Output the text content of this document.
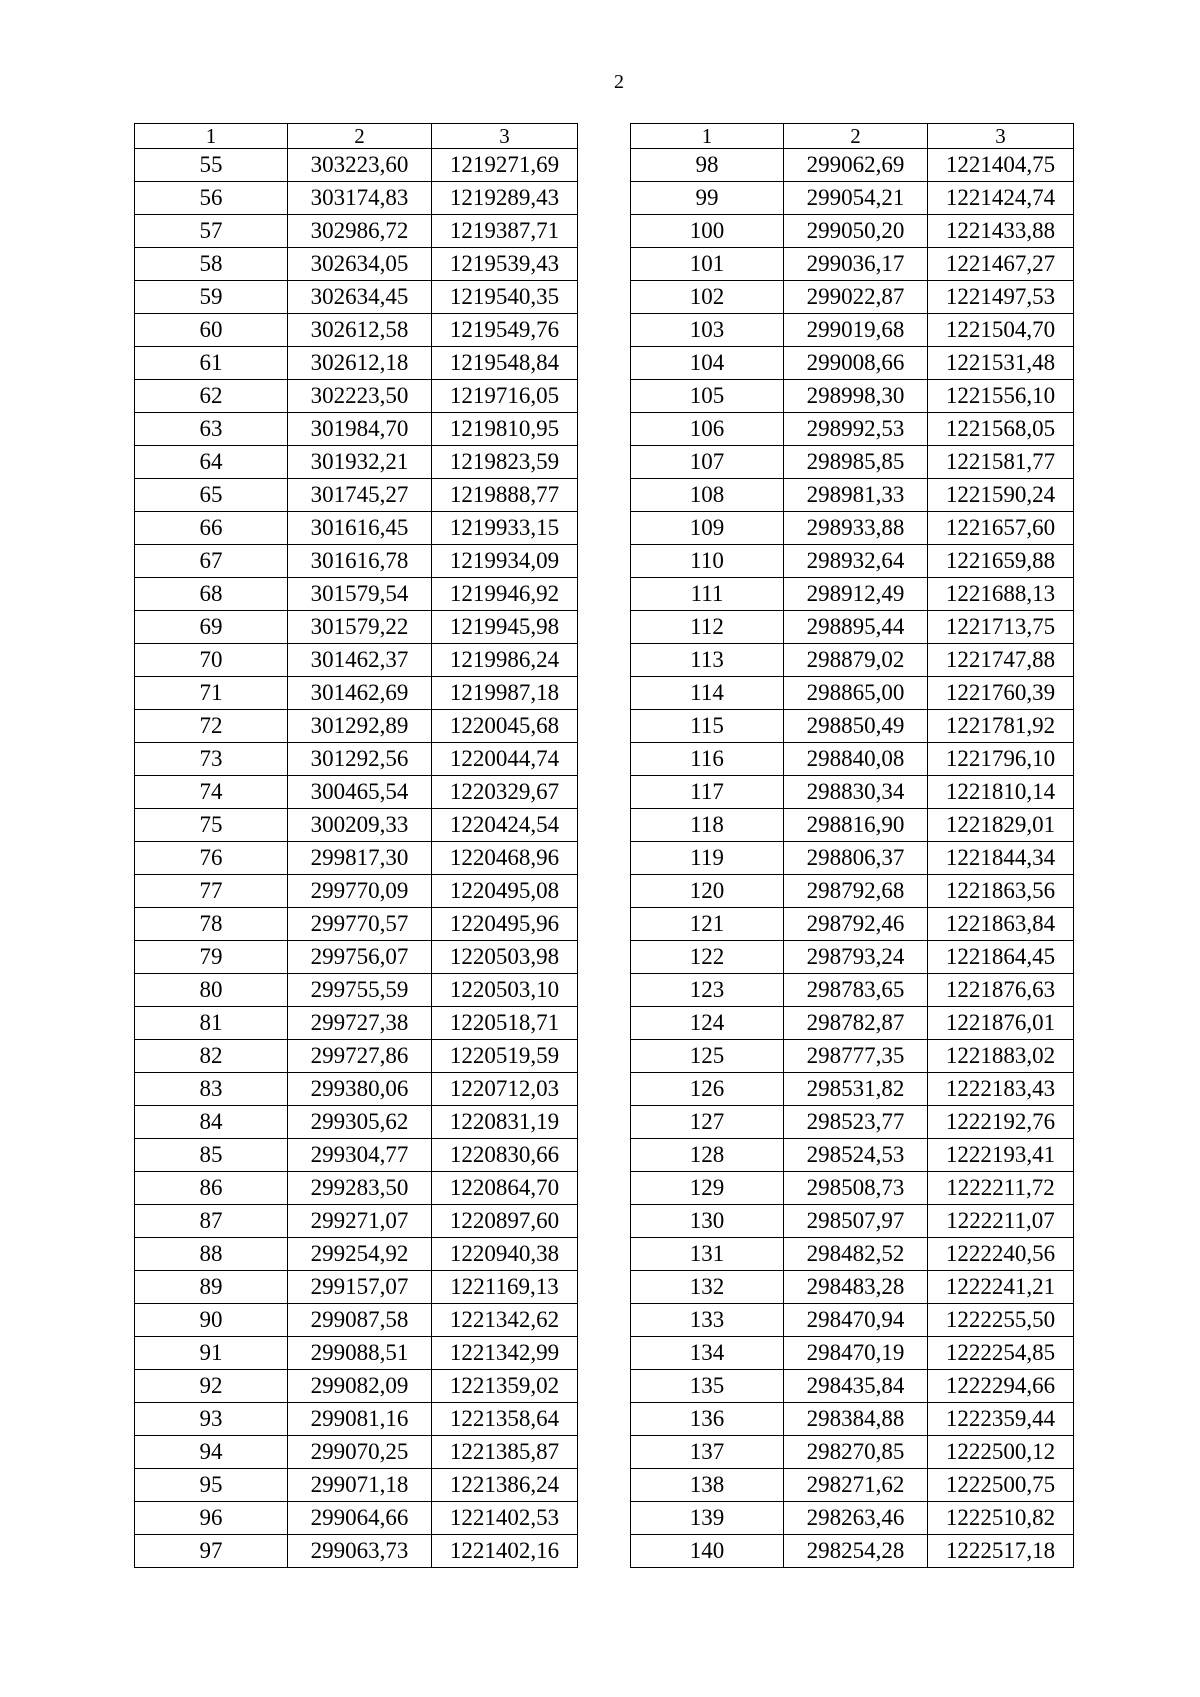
2
1	2	3
55	303223,60	1219271,69
56	303174,83	1219289,43
57	302986,72	1219387,71
58	302634,05	1219539,43
59	302634,45	1219540,35
60	302612,58	1219549,76
61	302612,18	1219548,84
62	302223,50	1219716,05
63	301984,70	1219810,95
64	301932,21	1219823,59
65	301745,27	1219888,77
66	301616,45	1219933,15
67	301616,78	1219934,09
68	301579,54	1219946,92
69	301579,22	1219945,98
70	301462,37	1219986,24
71	301462,69	1219987,18
72	301292,89	1220045,68
73	301292,56	1220044,74
74	300465,54	1220329,67
75	300209,33	1220424,54
76	299817,30	1220468,96
77	299770,09	1220495,08
78	299770,57	1220495,96
79	299756,07	1220503,98
80	299755,59	1220503,10
81	299727,38	1220518,71
82	299727,86	1220519,59
83	299380,06	1220712,03
84	299305,62	1220831,19
85	299304,77	1220830,66
86	299283,50	1220864,70
87	299271,07	1220897,60
88	299254,92	1220940,38
89	299157,07	1221169,13
90	299087,58	1221342,62
91	299088,51	1221342,99
92	299082,09	1221359,02
93	299081,16	1221358,64
94	299070,25	1221385,87
95	299071,18	1221386,24
96	299064,66	1221402,53
97	299063,73	1221402,16
1	2	3
98	299062,69	1221404,75
99	299054,21	1221424,74
100	299050,20	1221433,88
101	299036,17	1221467,27
102	299022,87	1221497,53
103	299019,68	1221504,70
104	299008,66	1221531,48
105	298998,30	1221556,10
106	298992,53	1221568,05
107	298985,85	1221581,77
108	298981,33	1221590,24
109	298933,88	1221657,60
110	298932,64	1221659,88
111	298912,49	1221688,13
112	298895,44	1221713,75
113	298879,02	1221747,88
114	298865,00	1221760,39
115	298850,49	1221781,92
116	298840,08	1221796,10
117	298830,34	1221810,14
118	298816,90	1221829,01
119	298806,37	1221844,34
120	298792,68	1221863,56
121	298792,46	1221863,84
122	298793,24	1221864,45
123	298783,65	1221876,63
124	298782,87	1221876,01
125	298777,35	1221883,02
126	298531,82	1222183,43
127	298523,77	1222192,76
128	298524,53	1222193,41
129	298508,73	1222211,72
130	298507,97	1222211,07
131	298482,52	1222240,56
132	298483,28	1222241,21
133	298470,94	1222255,50
134	298470,19	1222254,85
135	298435,84	1222294,66
136	298384,88	1222359,44
137	298270,85	1222500,12
138	298271,62	1222500,75
139	298263,46	1222510,82
140	298254,28	1222517,18
